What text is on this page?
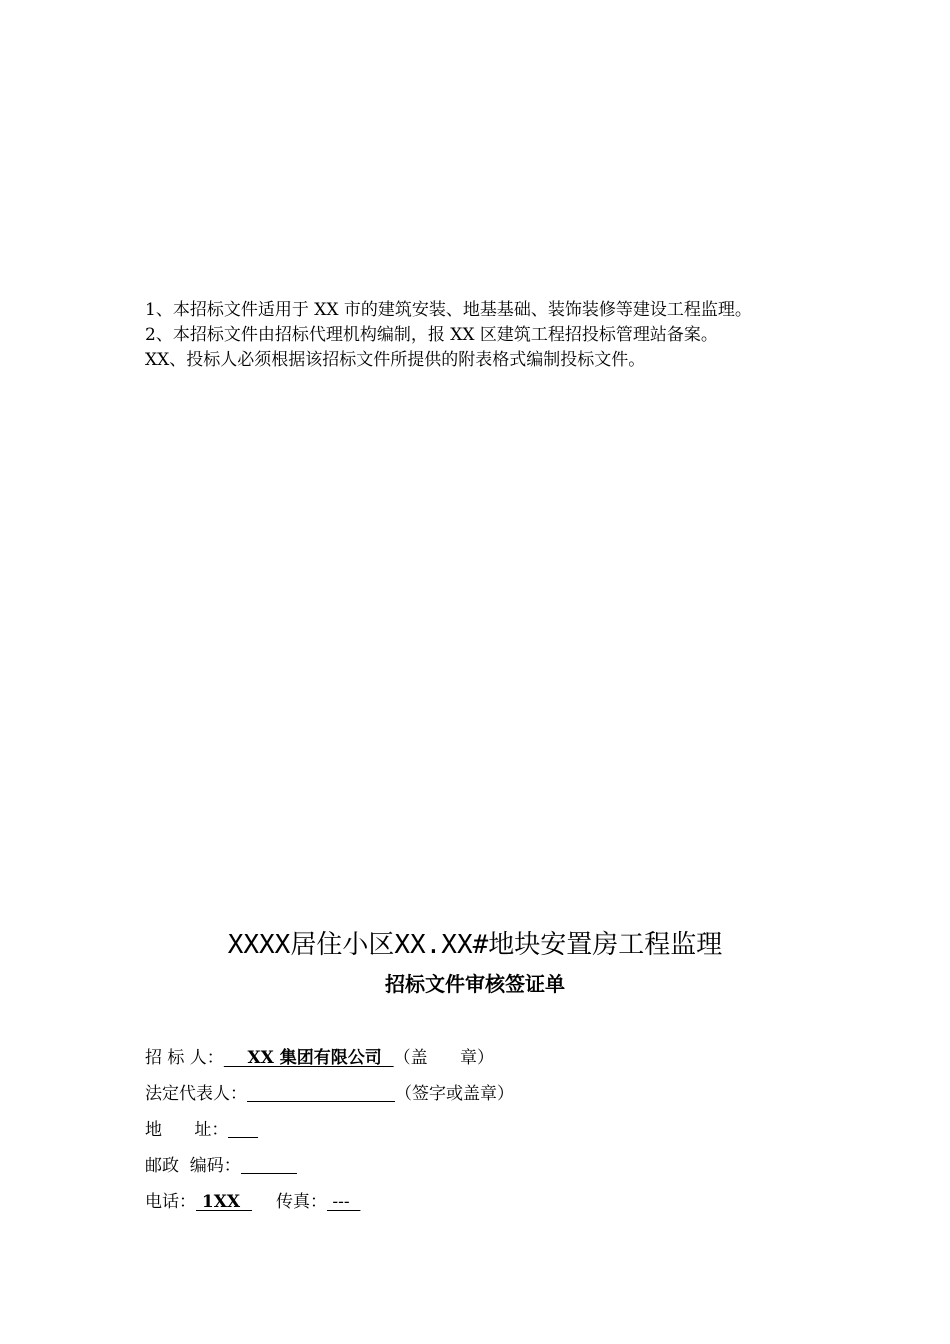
1、本招标文件适用于 XX 市的建筑安装、地基基础、装饰装修等建设工程监理。

2、本招标文件由招标代理机构编制，报 XX 区建筑工程招投标管理站备案。

XX、投标人必须根据该招标文件所提供的附表格式编制投标文件。

XXXX居住小区XX.XX#地块安置房工程监理
招标文件审核签证单
招 标 人：    XX 集团有限公司  （盖      章）
法定代表人：	（签字或盖章）
地      址：
邮政  编码：
电话： 1XX  传真： ---
